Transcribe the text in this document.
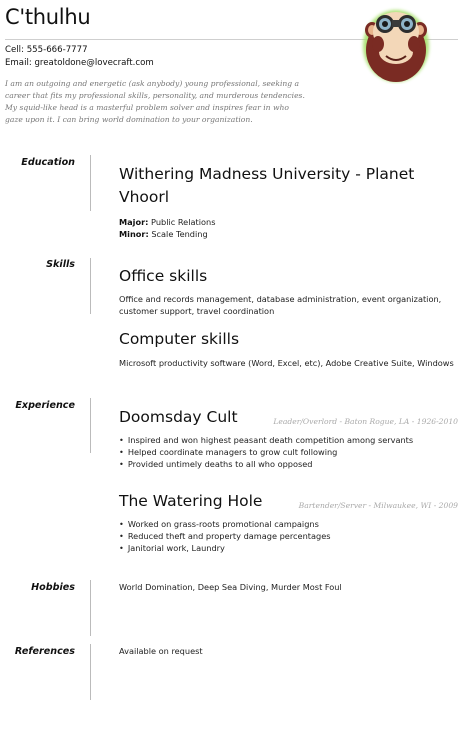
C'thulhu
Cell: 555-666-7777
Email: greatoldone@lovecraft.com
I am an outgoing and energetic (ask anybody) young professional, seeking a career that fits my professional skills, personality, and murderous tendencies. My squid-like head is a masterful problem solver and inspires fear in who gaze upon it. I can bring world domination to your organization.
Education
Withering Madness University - Planet Vhoorl
Major: Public Relations
Minor: Scale Tending
Skills
Office skills
Office and records management, database administration, event organization, customer support, travel coordination
Computer skills
Microsoft productivity software (Word, Excel, etc), Adobe Creative Suite, Windows
Experience
Doomsday Cult	Leader/Overlord - Baton Rogue, LA - 1926-2010
• Inspired and won highest peasant death competition among servants
• Helped coordinate managers to grow cult following
• Provided untimely deaths to all who opposed
The Watering Hole	Bartender/Server - Milwaukee, WI - 2009
• Worked on grass-roots promotional campaigns
• Reduced theft and property damage percentages
• Janitorial work, Laundry
Hobbies	World Domination, Deep Sea Diving, Murder Most Foul
References	Available on request
